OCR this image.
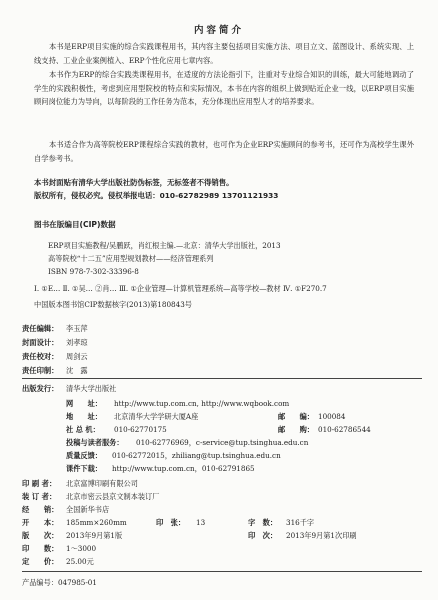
内容简介
本书是ERP项目实施的综合实践课程用书，其内容主要包括项目实施方法、项目立文、蓝图设计、系统实现、上线支持、工业企业案例植入、ERP个性化应用七章内容。
本书作为ERP的综合实践类课程用书，在适度的方法论指引下，注重对专业综合知识的训练，最大可能地调动了学生的实践积极性，考虑到应用型院校的特点和实际情况，本书在内容的组织上做到贴近企业一线，以ERP项目实施顾问岗位能力为导向，以每阶段的工作任务为范本，充分体现出应用型人才的培养要求。
本书适合作为高等院校ERP课程综合实践的教材，也可作为企业ERP实施顾问的参考书，还可作为高校学生课外自学参考书。
本书封面贴有清华大学出版社防伪标签，无标签者不得销售。
版权所有，侵权必究。侵权举报电话：010-62782989 13701121933
图书在版编目(CIP)数据
ERP项目实施教程/吴鹏跃，肖红根主编.—北京：清华大学出版社，2013
高等院校“十二五”应用型规划教材——经济管理系列
ISBN 978-7-302-33396-8
Ⅰ. ①E… Ⅱ. ①吴… ②肖… Ⅲ. ①企业管理—计算机管理系统—高等学校—教材 Ⅳ. ①F270.7
中国版本图书馆CIP数据核字(2013)第180843号
责任编辑： 李玉萍
封面设计： 刘孝琼
责任校对： 周剑云
责任印制： 沈　露
出版发行： 清华大学出版社
网　　址： http://www.tup.com.cn, http://www.wqbook.com
地　　址： 北京清华大学学研大厦A座	邮　　编： 100084
社 总 机： 010-62770175	邮　　购： 010-62786544
投稿与读者服务： 010-62776969，c-service@tup.tsinghua.edu.cn
质量反馈： 010-62772015，zhiliang@tup.tsinghua.edu.cn
课件下载： http://www.tup.com.cn，010-62791865
印 刷 者： 北京富博印刷有限公司
装 订 者： 北京市密云县京文制本装订厂
经　　销： 全国新华书店
开　　本： 185mm×260mm	印　张： 13	字　数： 316千字
版　　次： 2013年9月第1版	印　次： 2013年9月第1次印刷
印　　数： 1～3000
定　　价： 25.00元
产品编号：047985-01
